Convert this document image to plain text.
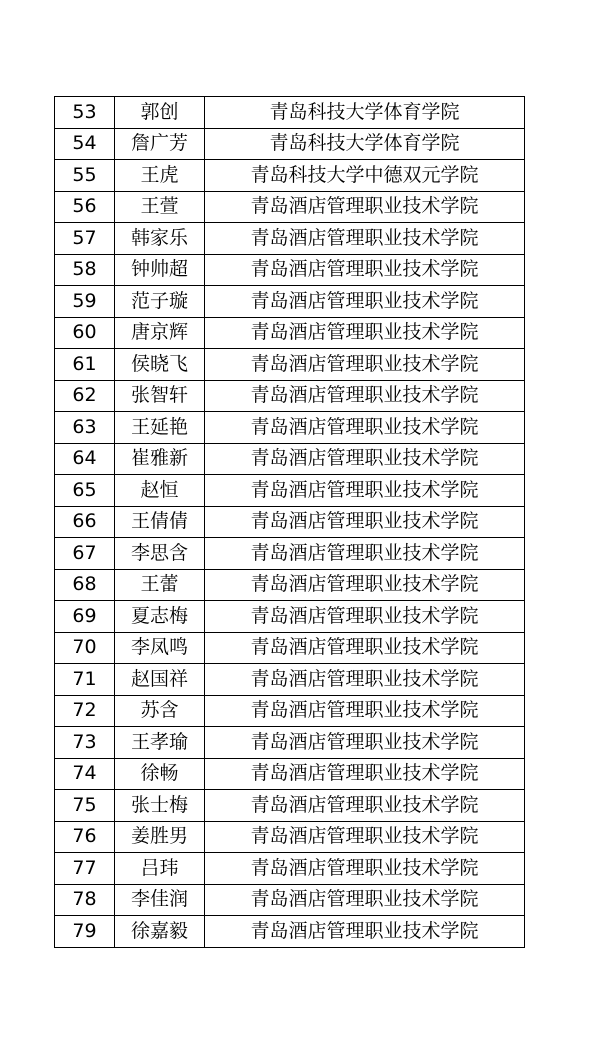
53	郭创	青岛科技大学体育学院
54	詹广芳	青岛科技大学体育学院
55	王虎	青岛科技大学中德双元学院
56	王萱	青岛酒店管理职业技术学院
57	韩家乐	青岛酒店管理职业技术学院
58	钟帅超	青岛酒店管理职业技术学院
59	范子璇	青岛酒店管理职业技术学院
60	唐京辉	青岛酒店管理职业技术学院
61	侯晓飞	青岛酒店管理职业技术学院
62	张智轩	青岛酒店管理职业技术学院
63	王延艳	青岛酒店管理职业技术学院
64	崔雅新	青岛酒店管理职业技术学院
65	赵恒	青岛酒店管理职业技术学院
66	王倩倩	青岛酒店管理职业技术学院
67	李思含	青岛酒店管理职业技术学院
68	王蕾	青岛酒店管理职业技术学院
69	夏志梅	青岛酒店管理职业技术学院
70	李凤鸣	青岛酒店管理职业技术学院
71	赵国祥	青岛酒店管理职业技术学院
72	苏含	青岛酒店管理职业技术学院
73	王孝瑜	青岛酒店管理职业技术学院
74	徐畅	青岛酒店管理职业技术学院
75	张士梅	青岛酒店管理职业技术学院
76	姜胜男	青岛酒店管理职业技术学院
77	吕玮	青岛酒店管理职业技术学院
78	李佳润	青岛酒店管理职业技术学院
79	徐嘉毅	青岛酒店管理职业技术学院
